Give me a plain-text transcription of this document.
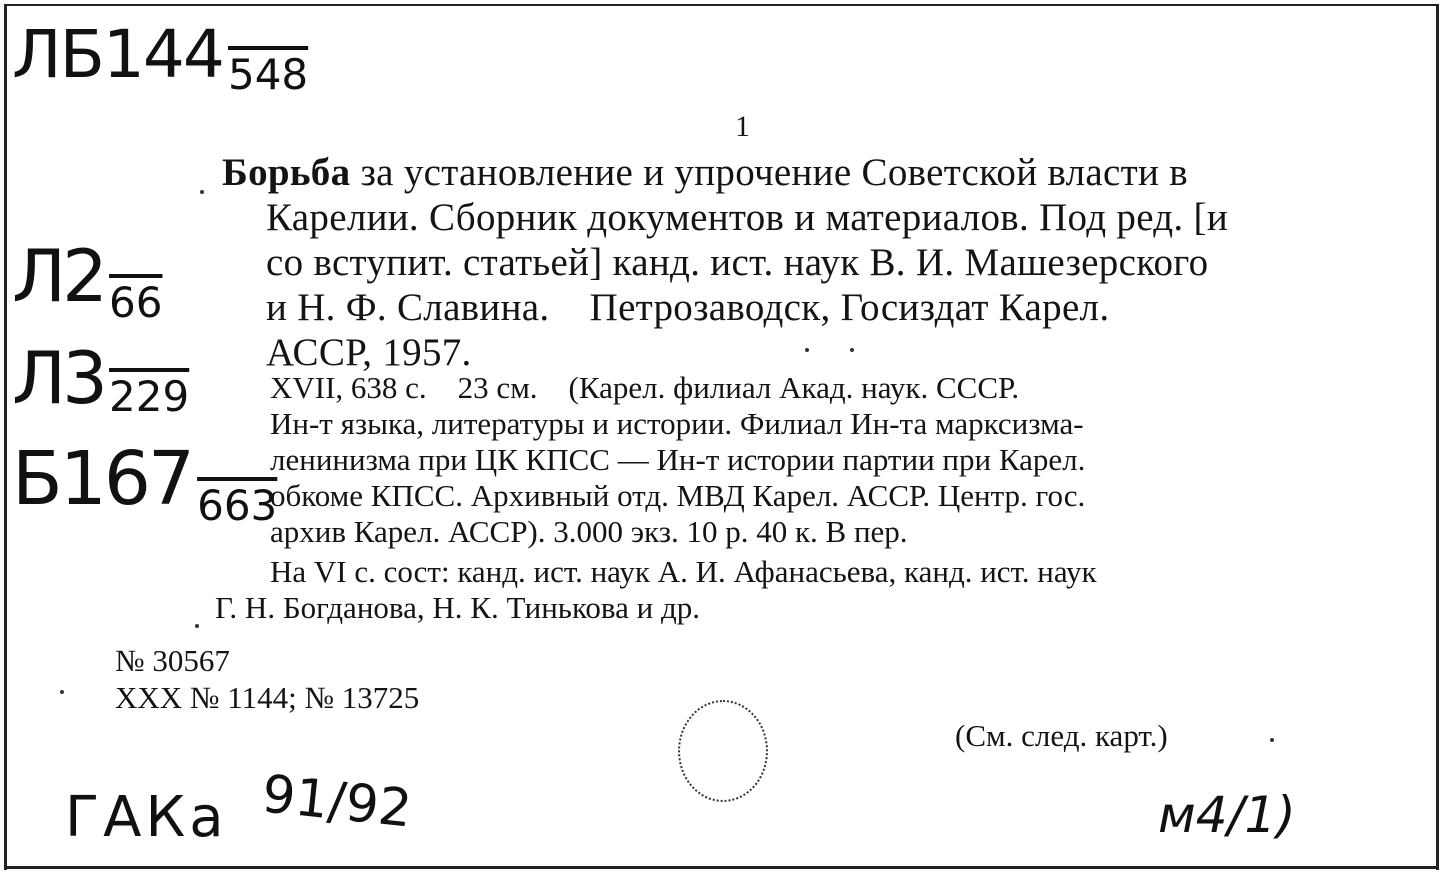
ЛБ144 548
Л2 66
Л3 229
Б167 663
ГАКа 91/92	м4/1)
1
Борьба за установление и упрочение Советской власти в
Карелии. Сборник документов и материалов. Под ред. [и
со вступит. статьей] канд. ист. наук В. И. Машезерского
и Н. Ф. Славина.    Петрозаводск, Госиздат Карел.
АССР, 1957.
XVII, 638 с.    23 см.    (Карел. филиал Акад. наук. СССР.
Ин-т языка, литературы и истории. Филиал Ин-та марксизма-
ленинизма при ЦК КПСС — Ин-т истории партии при Карел.
обкоме КПСС. Архивный отд. МВД Карел. АССР. Центр. гос.
архив Карел. АССР). 3.000 экз. 10 р. 40 к. В пер.
На VI с. сост: канд. ист. наук А. И. Афанасьева, канд. ист. наук
Г. Н. Богданова, Н. К. Тинькова и др.
№ 30567
XXX № 1144; № 13725
(См. след. карт.)
